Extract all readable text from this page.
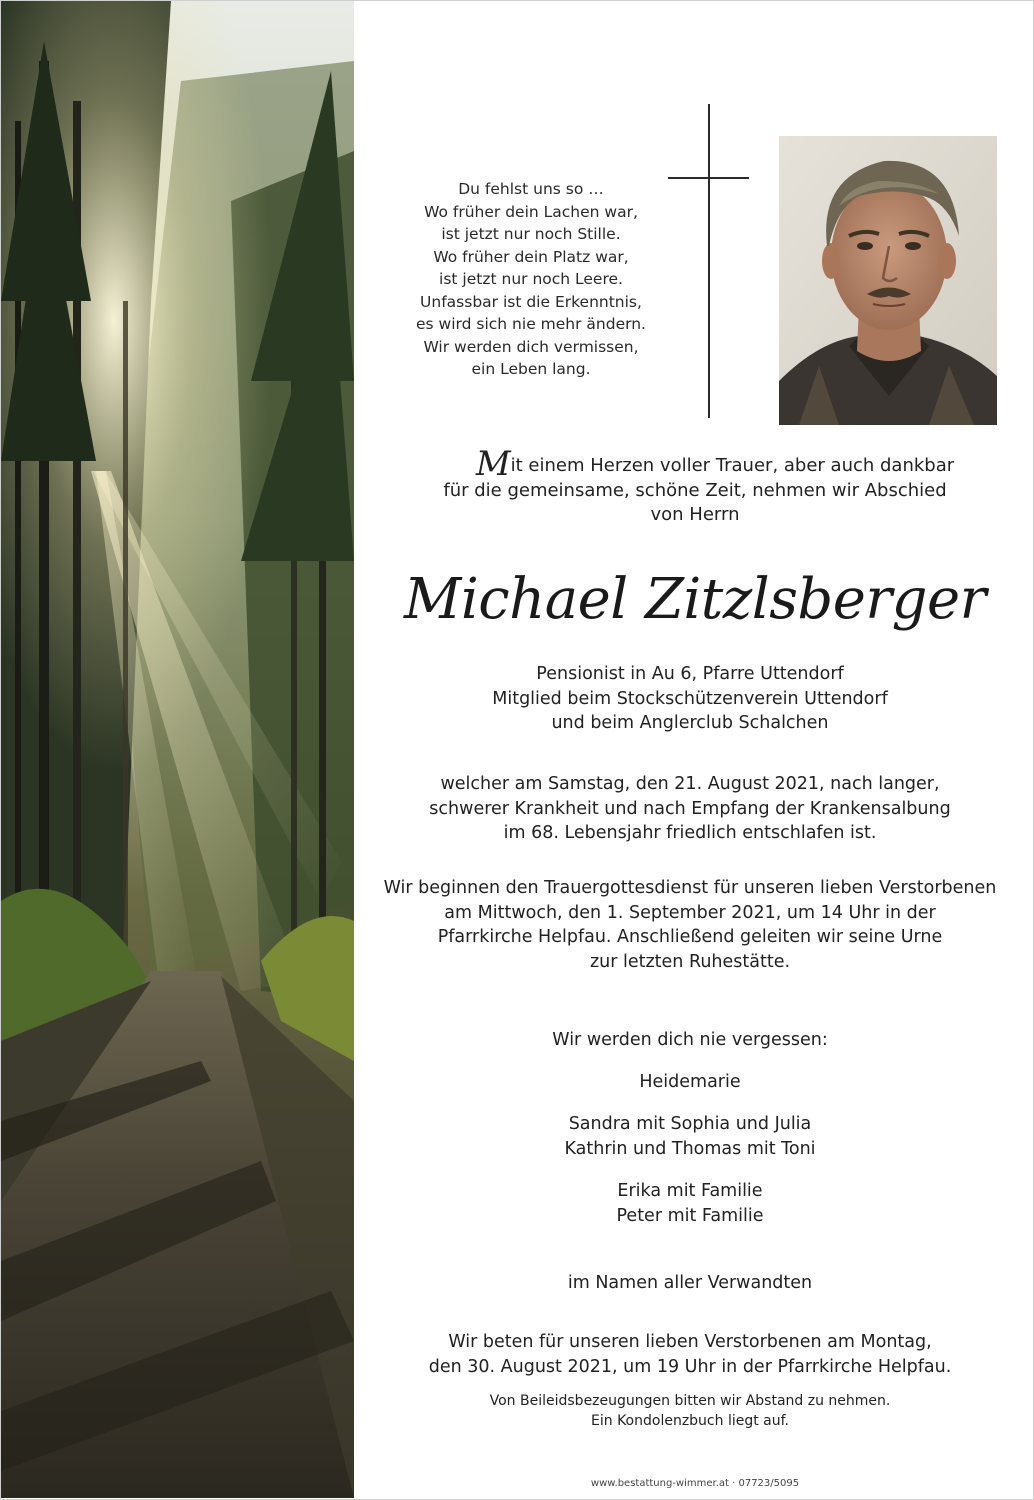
Du fehlst uns so …
Wo früher dein Lachen war,
ist jetzt nur noch Stille.
Wo früher dein Platz war,
ist jetzt nur noch Leere.
Unfassbar ist die Erkenntnis,
es wird sich nie mehr ändern.
Wir werden dich vermissen,
ein Leben lang.
Mit einem Herzen voller Trauer, aber auch dankbar
für die gemeinsame, schöne Zeit, nehmen wir Abschied
von Herrn
Michael Zitzlsberger
Pensionist in Au 6, Pfarre Uttendorf
Mitglied beim Stockschützenverein Uttendorf
und beim Anglerclub Schalchen
welcher am Samstag, den 21. August 2021, nach langer,
schwerer Krankheit und nach Empfang der Krankensalbung
im 68. Lebensjahr friedlich entschlafen ist.
Wir beginnen den Trauergottesdienst für unseren lieben Verstorbenen
am Mittwoch, den 1. September 2021, um 14 Uhr in der
Pfarrkirche Helpfau. Anschließend geleiten wir seine Urne
zur letzten Ruhestätte.
Wir werden dich nie vergessen:
Heidemarie
Sandra mit Sophia und Julia
Kathrin und Thomas mit Toni
Erika mit Familie
Peter mit Familie
im Namen aller Verwandten
Wir beten für unseren lieben Verstorbenen am Montag,
den 30. August 2021, um 19 Uhr in der Pfarrkirche Helpfau.
Von Beileidsbezeugungen bitten wir Abstand zu nehmen.
Ein Kondolenzbuch liegt auf.
www.bestattung-wimmer.at · 07723/5095
